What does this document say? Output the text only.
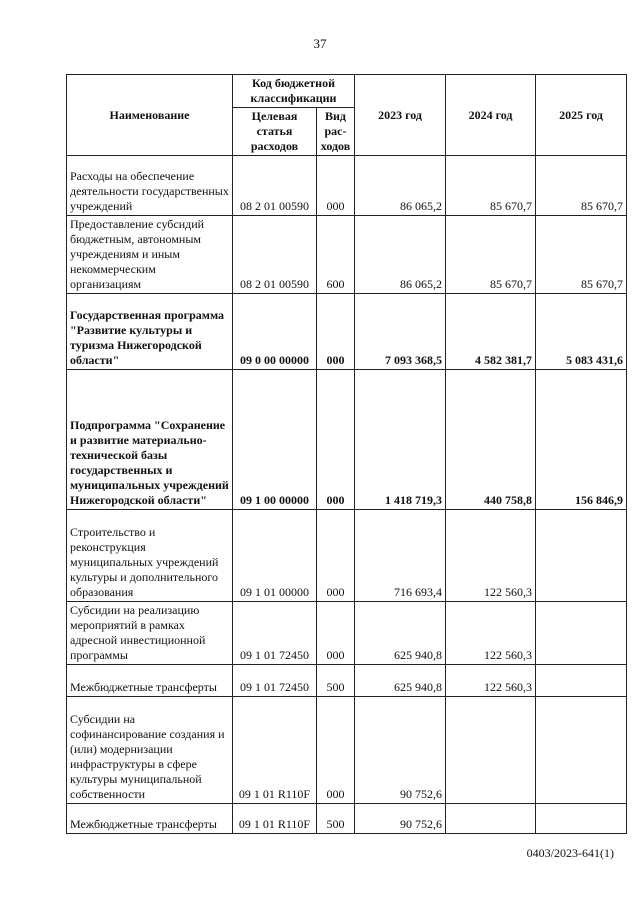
37
Наименование	Код бюджетной классификации		2023 год	2024 год	2025 год
	Целевая статья расходов	Вид рас-ходов			
Расходы на обеспечение деятельности государственных учреждений	08 2 01 00590	000	86 065,2	85 670,7	85 670,7
Предоставление субсидий бюджетным, автономным учреждениям и иным некоммерческим организациям	08 2 01 00590	600	86 065,2	85 670,7	85 670,7
Государственная программа "Развитие культуры и туризма Нижегородской области"	09 0 00 00000	000	7 093 368,5	4 582 381,7	5 083 431,6
Подпрограмма "Сохранение и развитие материально-технической базы государственных и муниципальных учреждений Нижегородской области"	09 1 00 00000	000	1 418 719,3	440 758,8	156 846,9
Строительство и реконструкция муниципальных учреждений культуры и дополнительного образования	09 1 01 00000	000	716 693,4	122 560,3	
Субсидии на реализацию мероприятий в рамках адресной инвестиционной программы	09 1 01 72450	000	625 940,8	122 560,3	
Межбюджетные трансферты	09 1 01 72450	500	625 940,8	122 560,3	
Субсидии на софинансирование создания и (или) модернизации инфраструктуры в сфере культуры муниципальной собственности	09 1 01 R110F	000	90 752,6		
Межбюджетные трансферты	09 1 01 R110F	500	90 752,6		
0403/2023-641(1)
